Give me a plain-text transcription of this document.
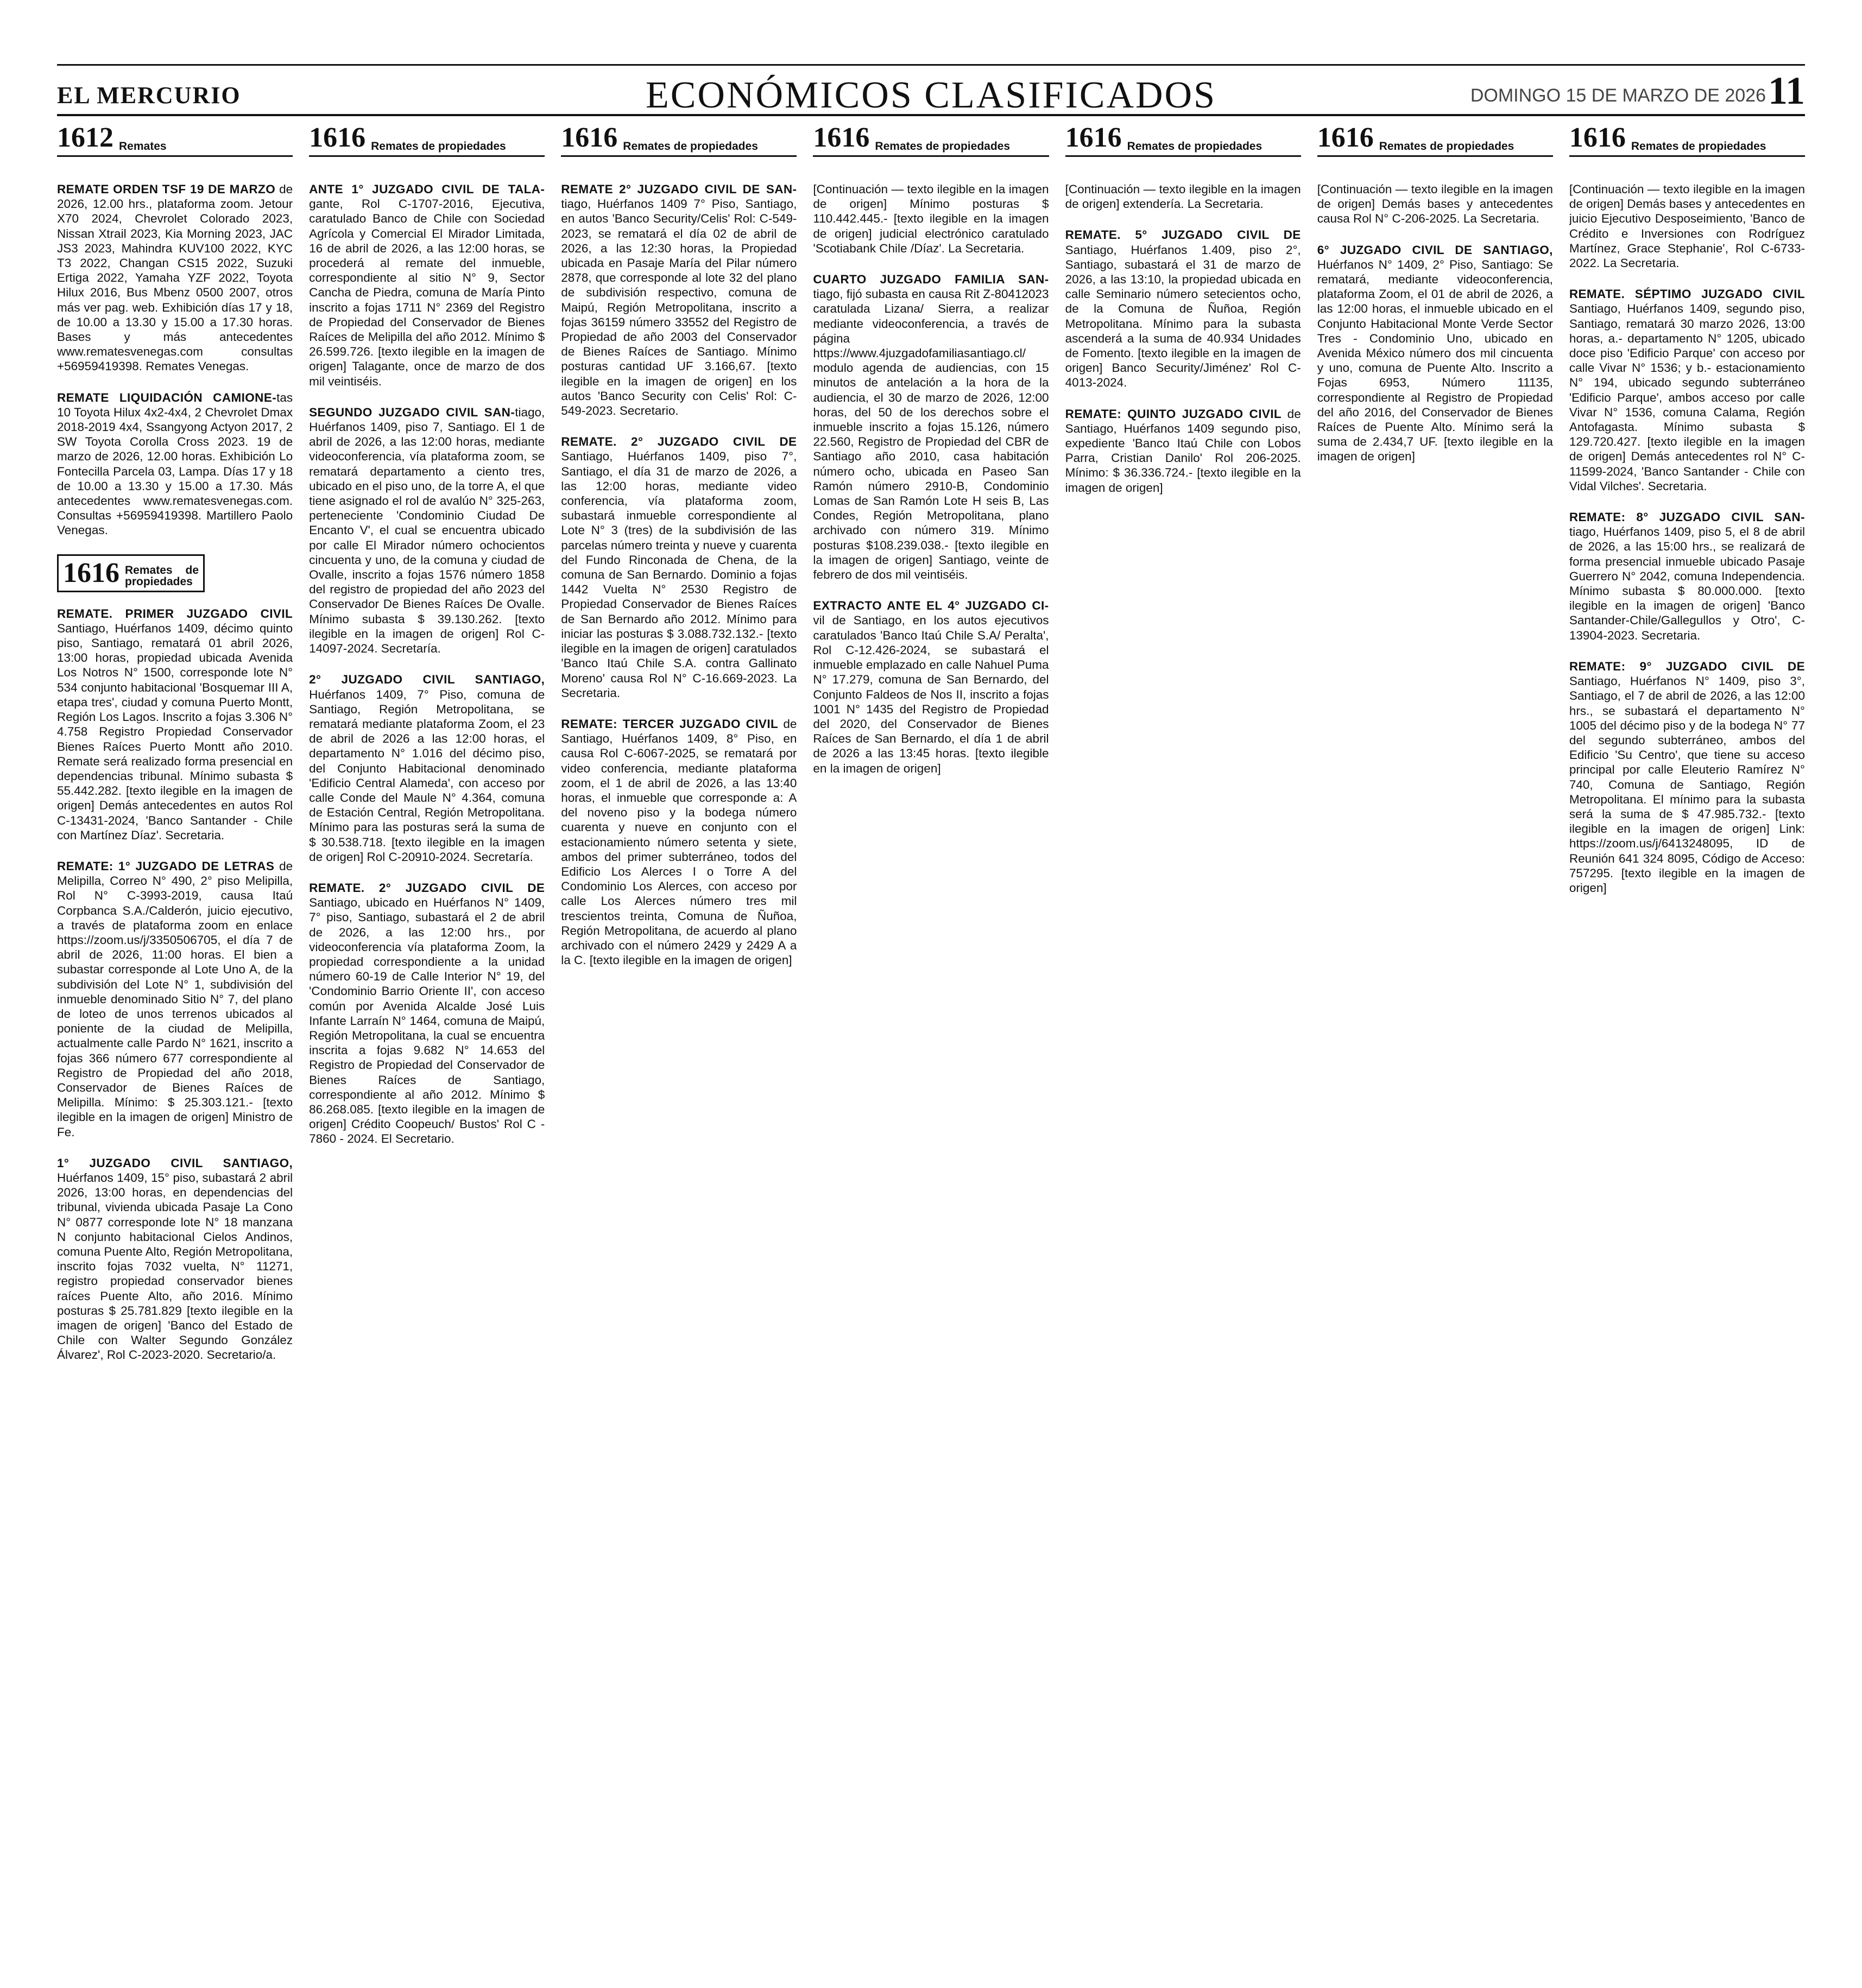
EL MERCURIO	ECONÓMICOS CLASIFICADOS	DOMINGO 15 DE MARZO DE 2026 11
1612 Remates

REMATE ORDEN TSF 19 DE MARZO de 2026, 12.00 hrs., plataforma zoom. Jetour X70 2024, Chevrolet Colorado 2023, Nissan Xtrail 2023, Kia Morning 2023, JAC JS3 2023, Mahindra KUV100 2022, KYC T3 2022, Changan CS15 2022, Suzuki Ertiga 2022, Yamaha YZF 2022, Toyota Hilux 2016, Bus Mbenz 0500 2007, otros más ver pag. web. Exhibición días 17 y 18, de 10.00 a 13.30 y 15.00 a 17.30 horas. Bases y más antecedentes www.rematesvenegas.com consultas +56959419398. Remates Venegas.

REMATE LIQUIDACIÓN CAMIONE-tas 10 Toyota Hilux 4x2-4x4, 2 Chevrolet Dmax 2018-2019 4x4, Ssangyong Actyon 2017, 2 SW Toyota Corolla Cross 2023. 19 de marzo de 2026, 12.00 horas. Exhibición Lo Fontecilla Parcela 03, Lampa. Días 17 y 18 de 10.00 a 13.30 y 15.00 a 17.30. Más antecedentes www.rematesvenegas.com. Consultas +56959419398. Martillero Paolo Venegas.

1616 Remates de propiedades

REMATE. PRIMER JUZGADO CIVIL Santiago, Huérfanos 1409, décimo quinto piso, Santiago, rematará 01 abril 2026, 13:00 horas, propiedad ubicada Avenida Los Notros N° 1500, corresponde lote N° 534 conjunto habitacional 'Bosquemar III A, etapa tres', ciudad y comuna Puerto Montt, Región Los Lagos. Inscrito a fojas 3.306 N° 4.758 Registro Propiedad Conservador Bienes Raíces Puerto Montt año 2010. Remate será realizado forma presencial en dependencias tribunal. Mínimo subasta $ 55.442.282. [texto ilegible en la imagen de origen] Demás antecedentes en autos Rol C-13431-2024, 'Banco Santander - Chile con Martínez Díaz'. Secretaria.

REMATE: 1° JUZGADO DE LETRAS de Melipilla, Correo N° 490, 2° piso Melipilla, Rol N° C-3993-2019, causa Itaú Corpbanca S.A./Calderón, juicio ejecutivo, a través de plataforma zoom en enlace https://zoom.us/j/3350506705, el día 7 de abril de 2026, 11:00 horas. El bien a subastar corresponde al Lote Uno A, de la subdivisión del Lote N° 1, subdivisión del inmueble denominado Sitio N° 7, del plano de loteo de unos terrenos ubicados al poniente de la ciudad de Melipilla, actualmente calle Pardo N° 1621, inscrito a fojas 366 número 677 correspondiente al Registro de Propiedad del año 2018, Conservador de Bienes Raíces de Melipilla. Mínimo: $ 25.303.121.- [texto ilegible en la imagen de origen] Ministro de Fe.

1° JUZGADO CIVIL SANTIAGO, Huérfanos 1409, 15° piso, subastará 2 abril 2026, 13:00 horas, en dependencias del tribunal, vivienda ubicada Pasaje La Cono N° 0877 corresponde lote N° 18 manzana N conjunto habitacional Cielos Andinos, comuna Puente Alto, Región Metropolitana, inscrito fojas 7032 vuelta, N° 11271, registro propiedad conservador bienes raíces Puente Alto, año 2016. Mínimo posturas $ 25.781.829 [texto ilegible en la imagen de origen] 'Banco del Estado de Chile con Walter Segundo González Álvarez', Rol C-2023-2020. Secretario/a.

1616 Remates de propiedades

ANTE 1° JUZGADO CIVIL DE TALA-gante, Rol C-1707-2016, Ejecutiva, caratulado Banco de Chile con Sociedad Agrícola y Comercial El Mirador Limitada, 16 de abril de 2026, a las 12:00 horas, se procederá al remate del inmueble, correspondiente al sitio N° 9, Sector Cancha de Piedra, comuna de María Pinto inscrito a fojas 1711 N° 2369 del Registro de Propiedad del Conservador de Bienes Raíces de Melipilla del año 2012. Mínimo $ 26.599.726. [texto ilegible en la imagen de origen] Talagante, once de marzo de dos mil veintiséis.

SEGUNDO JUZGADO CIVIL SAN-tiago, Huérfanos 1409, piso 7, Santiago. El 1 de abril de 2026, a las 12:00 horas, mediante videoconferencia, vía plataforma zoom, se rematará departamento a ciento tres, ubicado en el piso uno, de la torre A, el que tiene asignado el rol de avalúo N° 325-263, perteneciente 'Condominio Ciudad De Encanto V', el cual se encuentra ubicado por calle El Mirador número ochocientos cincuenta y uno, de la comuna y ciudad de Ovalle, inscrito a fojas 1576 número 1858 del registro de propiedad del año 2023 del Conservador De Bienes Raíces De Ovalle. Mínimo subasta $ 39.130.262. [texto ilegible en la imagen de origen] Rol C-14097-2024. Secretaría.

2° JUZGADO CIVIL SANTIAGO, Huérfanos 1409, 7° Piso, comuna de Santiago, Región Metropolitana, se rematará mediante plataforma Zoom, el 23 de abril de 2026 a las 12:00 horas, el departamento N° 1.016 del décimo piso, del Conjunto Habitacional denominado 'Edificio Central Alameda', con acceso por calle Conde del Maule N° 4.364, comuna de Estación Central, Región Metropolitana. Mínimo para las posturas será la suma de $ 30.538.718. [texto ilegible en la imagen de origen] Rol C-20910-2024. Secretaría.

REMATE. 2° JUZGADO CIVIL DE Santiago, ubicado en Huérfanos N° 1409, 7° piso, Santiago, subastará el 2 de abril de 2026, a las 12:00 hrs., por videoconferencia vía plataforma Zoom, la propiedad correspondiente a la unidad número 60-19 de Calle Interior N° 19, del 'Condominio Barrio Oriente II', con acceso común por Avenida Alcalde José Luis Infante Larraín N° 1464, comuna de Maipú, Región Metropolitana, la cual se encuentra inscrita a fojas 9.682 N° 14.653 del Registro de Propiedad del Conservador de Bienes Raíces de Santiago, correspondiente al año 2012. Mínimo $ 86.268.085. [texto ilegible en la imagen de origen] Crédito Coopeuch/ Bustos' Rol C - 7860 - 2024. El Secretario.

1616 Remates de propiedades

REMATE 2° JUZGADO CIVIL DE SAN-tiago, Huérfanos 1409 7° Piso, Santiago, en autos 'Banco Security/Celis' Rol: C-549-2023, se rematará el día 02 de abril de 2026, a las 12:30 horas, la Propiedad ubicada en Pasaje María del Pilar número 2878, que corresponde al lote 32 del plano de subdivisión respectivo, comuna de Maipú, Región Metropolitana, inscrito a fojas 36159 número 33552 del Registro de Propiedad de año 2003 del Conservador de Bienes Raíces de Santiago. Mínimo posturas cantidad UF 3.166,67. [texto ilegible en la imagen de origen] en los autos 'Banco Security con Celis' Rol: C-549-2023. Secretario.

REMATE. 2° JUZGADO CIVIL DE Santiago, Huérfanos 1409, piso 7°, Santiago, el día 31 de marzo de 2026, a las 12:00 horas, mediante video conferencia, vía plataforma zoom, subastará inmueble correspondiente al Lote N° 3 (tres) de la subdivisión de las parcelas número treinta y nueve y cuarenta del Fundo Rinconada de Chena, de la comuna de San Bernardo. Dominio a fojas 1442 Vuelta N° 2530 Registro de Propiedad Conservador de Bienes Raíces de San Bernardo año 2012. Mínimo para iniciar las posturas $ 3.088.732.132.- [texto ilegible en la imagen de origen] caratulados 'Banco Itaú Chile S.A. contra Gallinato Moreno' causa Rol N° C-16.669-2023. La Secretaria.

REMATE: TERCER JUZGADO CIVIL de Santiago, Huérfanos 1409, 8° Piso, en causa Rol C-6067-2025, se rematará por video conferencia, mediante plataforma zoom, el 1 de abril de 2026, a las 13:40 horas, el inmueble que corresponde a: A del noveno piso y la bodega número cuarenta y nueve en conjunto con el estacionamiento número setenta y siete, ambos del primer subterráneo, todos del Edificio Los Alerces I o Torre A del Condominio Los Alerces, con acceso por calle Los Alerces número tres mil trescientos treinta, Comuna de Ñuñoa, Región Metropolitana, de acuerdo al plano archivado con el número 2429 y 2429 A a la C. [texto ilegible en la imagen de origen]

1616 Remates de propiedades

[Continuación — texto ilegible en la imagen de origen] Mínimo posturas $ 110.442.445.- [texto ilegible en la imagen de origen] judicial electrónico caratulado 'Scotiabank Chile /Díaz'. La Secretaria.

CUARTO JUZGADO FAMILIA SAN-tiago, fijó subasta en causa Rit Z-80412023 caratulada Lizana/ Sierra, a realizar mediante videoconferencia, a través de página https://www.4juzgadofamiliasantiago.cl/ modulo agenda de audiencias, con 15 minutos de antelación a la hora de la audiencia, el 30 de marzo de 2026, 12:00 horas, del 50 de los derechos sobre el inmueble inscrito a fojas 15.126, número 22.560, Registro de Propiedad del CBR de Santiago año 2010, casa habitación número ocho, ubicada en Paseo San Ramón número 2910-B, Condominio Lomas de San Ramón Lote H seis B, Las Condes, Región Metropolitana, plano archivado con número 319. Mínimo posturas $108.239.038.- [texto ilegible en la imagen de origen] Santiago, veinte de febrero de dos mil veintiséis.

EXTRACTO ANTE EL 4° JUZGADO CI-vil de Santiago, en los autos ejecutivos caratulados 'Banco Itaú Chile S.A/ Peralta', Rol C-12.426-2024, se subastará el inmueble emplazado en calle Nahuel Puma N° 17.279, comuna de San Bernardo, del Conjunto Faldeos de Nos II, inscrito a fojas 1001 N° 1435 del Registro de Propiedad del 2020, del Conservador de Bienes Raíces de San Bernardo, el día 1 de abril de 2026 a las 13:45 horas. [texto ilegible en la imagen de origen]

1616 Remates de propiedades

[Continuación — texto ilegible en la imagen de origen] extendería. La Secretaria.

REMATE. 5° JUZGADO CIVIL DE Santiago, Huérfanos 1.409, piso 2°, Santiago, subastará el 31 de marzo de 2026, a las 13:10, la propiedad ubicada en calle Seminario número setecientos ocho, de la Comuna de Ñuñoa, Región Metropolitana. Mínimo para la subasta ascenderá a la suma de 40.934 Unidades de Fomento. [texto ilegible en la imagen de origen] Banco Security/Jiménez' Rol C-4013-2024.

REMATE: QUINTO JUZGADO CIVIL de Santiago, Huérfanos 1409 segundo piso, expediente 'Banco Itaú Chile con Lobos Parra, Cristian Danilo' Rol 206-2025. Mínimo: $ 36.336.724.- [texto ilegible en la imagen de origen]

1616 Remates de propiedades

[Continuación — texto ilegible en la imagen de origen] Demás bases y antecedentes causa Rol N° C-206-2025. La Secretaria.

6° JUZGADO CIVIL DE SANTIAGO, Huérfanos N° 1409, 2° Piso, Santiago: Se rematará, mediante videoconferencia, plataforma Zoom, el 01 de abril de 2026, a las 12:00 horas, el inmueble ubicado en el Conjunto Habitacional Monte Verde Sector Tres - Condominio Uno, ubicado en Avenida México número dos mil cincuenta y uno, comuna de Puente Alto. Inscrito a Fojas 6953, Número 11135, correspondiente al Registro de Propiedad del año 2016, del Conservador de Bienes Raíces de Puente Alto. Mínimo será la suma de 2.434,7 UF. [texto ilegible en la imagen de origen]

1616 Remates de propiedades

[Continuación — texto ilegible en la imagen de origen] Demás bases y antecedentes en juicio Ejecutivo Desposeimiento, 'Banco de Crédito e Inversiones con Rodríguez Martínez, Grace Stephanie', Rol C-6733-2022. La Secretaria.

REMATE. SÉPTIMO JUZGADO CIVIL Santiago, Huérfanos 1409, segundo piso, Santiago, rematará 30 marzo 2026, 13:00 horas, a.- departamento N° 1205, ubicado doce piso 'Edificio Parque' con acceso por calle Vivar N° 1536; y b.- estacionamiento N° 194, ubicado segundo subterráneo 'Edificio Parque', ambos acceso por calle Vivar N° 1536, comuna Calama, Región Antofagasta. Mínimo subasta $ 129.720.427. [texto ilegible en la imagen de origen] Demás antecedentes rol N° C-11599-2024, 'Banco Santander - Chile con Vidal Vilches'. Secretaria.

REMATE: 8° JUZGADO CIVIL SAN-tiago, Huérfanos 1409, piso 5, el 8 de abril de 2026, a las 15:00 hrs., se realizará de forma presencial inmueble ubicado Pasaje Guerrero N° 2042, comuna Independencia. Mínimo subasta $ 80.000.000. [texto ilegible en la imagen de origen] 'Banco Santander-Chile/Gallegullos y Otro', C-13904-2023. Secretaria.

REMATE: 9° JUZGADO CIVIL DE Santiago, Huérfanos N° 1409, piso 3°, Santiago, el 7 de abril de 2026, a las 12:00 hrs., se subastará el departamento N° 1005 del décimo piso y de la bodega N° 77 del segundo subterráneo, ambos del Edificio 'Su Centro', que tiene su acceso principal por calle Eleuterio Ramírez N° 740, Comuna de Santiago, Región Metropolitana. El mínimo para la subasta será la suma de $ 47.985.732.- [texto ilegible en la imagen de origen] Link: https://zoom.us/j/6413248095, ID de Reunión 641 324 8095, Código de Acceso: 757295. [texto ilegible en la imagen de origen]
